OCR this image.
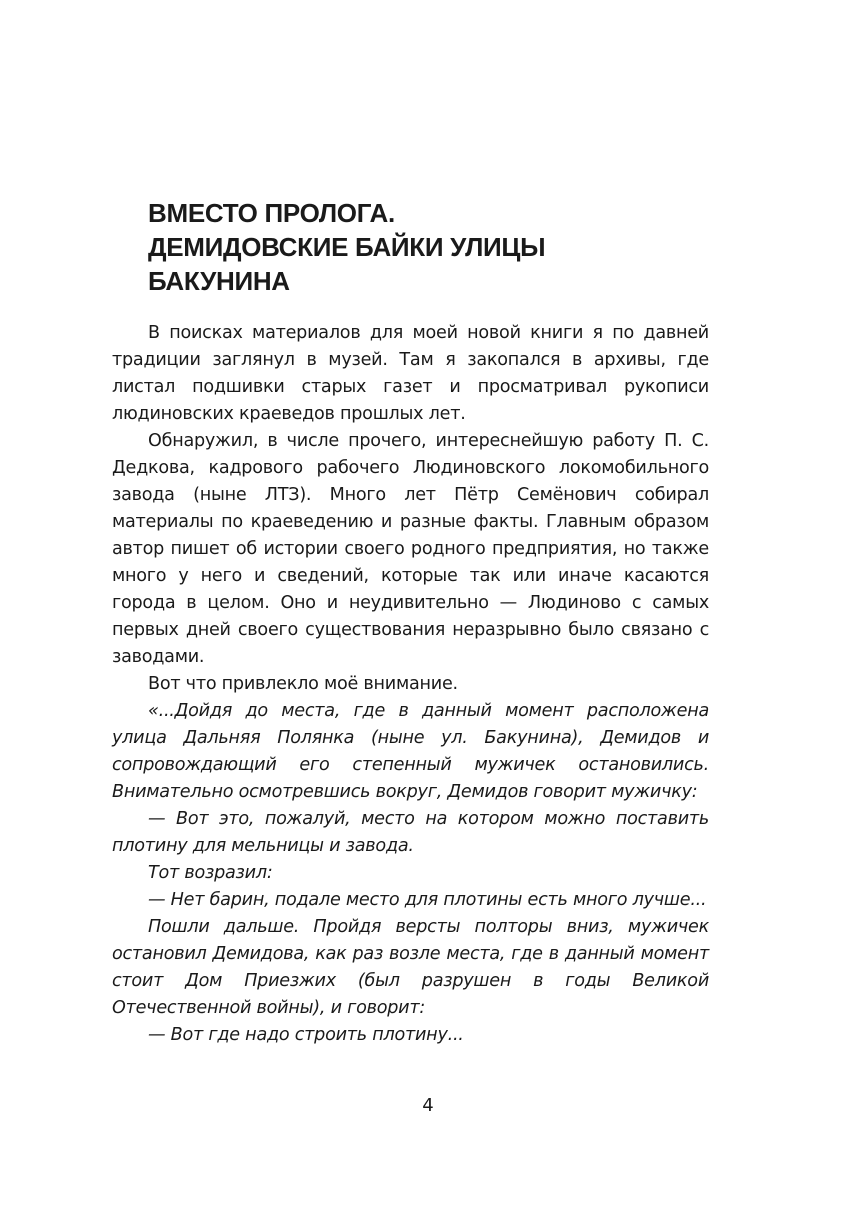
ВМЕСТО ПРОЛОГА.
ДЕМИДОВСКИЕ БАЙКИ УЛИЦЫ
БАКУНИНА

В поисках материалов для моей новой книги я по давней традиции заглянул в музей. Там я закопался в архивы, где листал подшивки старых газет и просматривал рукописи людиновских краеведов прошлых лет.

Обнаружил, в числе прочего, интереснейшую работу П. С. Дедкова, кадрового рабочего Людиновского локомобильного завода (ныне ЛТЗ). Много лет Пётр Семёнович собирал материалы по краеведению и разные факты. Главным образом автор пишет об истории своего родного предприятия, но также много у него и сведений, которые так или иначе касаются города в целом. Оно и неудивительно — Людиново с самых первых дней своего существования неразрывно было связано с заводами.

Вот что привлекло моё внимание.

«...Дойдя до места, где в данный момент расположена улица Дальняя Полянка (ныне ул. Бакунина), Демидов и сопровождающий его степенный мужичек остановились. Внимательно осмотревшись вокруг, Демидов говорит мужичку:

— Вот это, пожалуй, место на котором можно поставить плотину для мельницы и завода.

Тот возразил:

— Нет барин, подале место для плотины есть много лучше...

Пошли дальше. Пройдя версты полторы вниз, мужичек остановил Демидова, как раз возле места, где в данный момент стоит Дом Приезжих (был разрушен в годы Великой Отечественной войны), и говорит:

— Вот где надо строить плотину...

4
